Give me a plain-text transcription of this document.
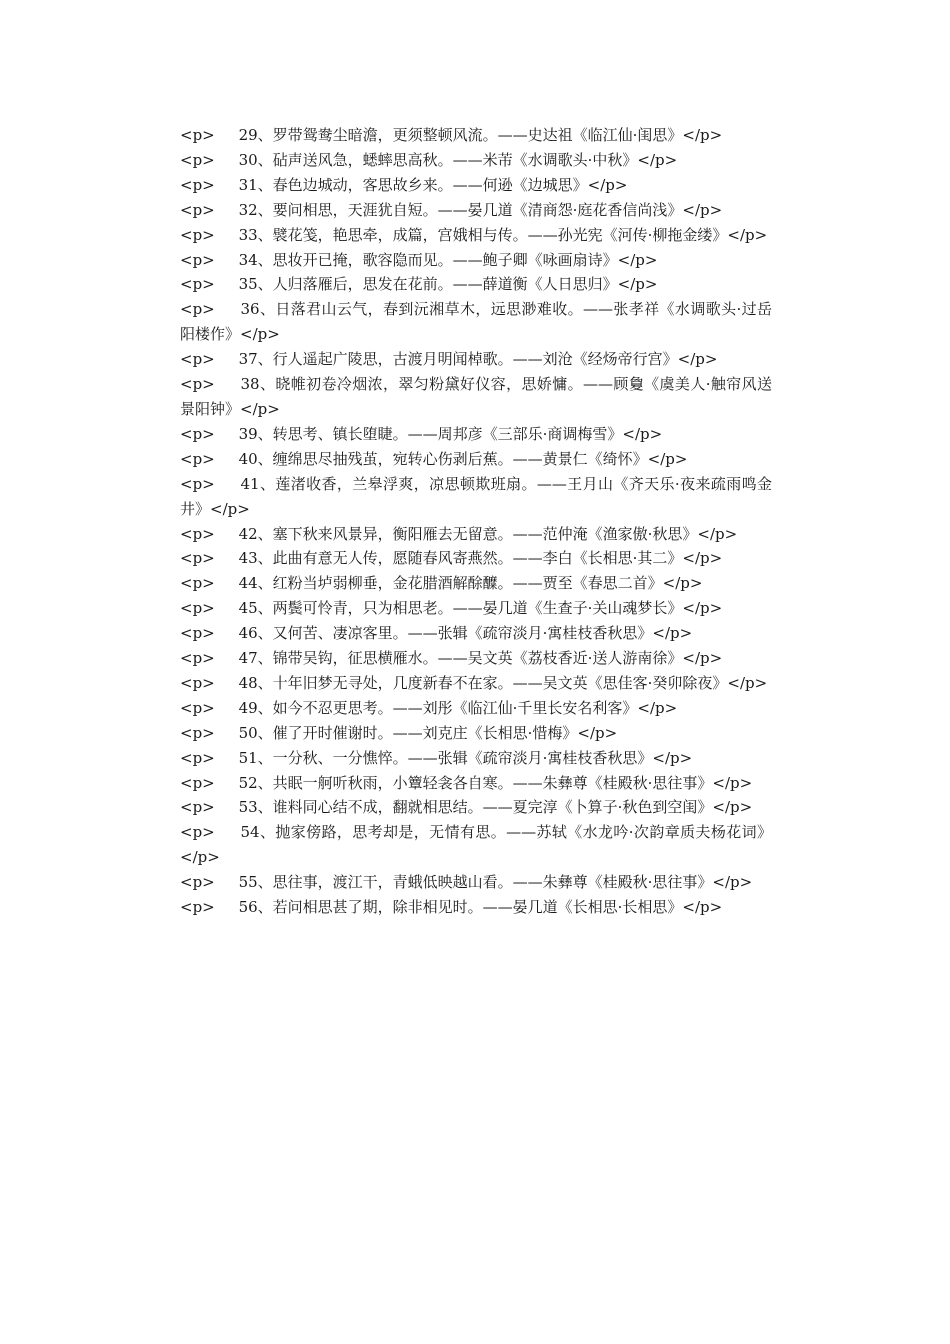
<p>     29、罗带鸳鸯尘暗澹，更须整顿风流。——史达祖《临江仙·闺思》</p>
<p>     30、砧声送风急，蟋蟀思高秋。——米芾《水调歌头·中秋》</p>
<p>     31、春色边城动，客思故乡来。——何逊《边城思》</p>
<p>     32、要问相思，天涯犹自短。——晏几道《清商怨·庭花香信尚浅》</p>
<p>     33、襞花笺，艳思牵，成篇，宫娥相与传。——孙光宪《河传·柳拖金缕》</p>
<p>     34、思妆开已掩，歌容隐而见。——鲍子卿《咏画扇诗》</p>
<p>     35、人归落雁后，思发在花前。——薛道衡《人日思归》</p>
<p>     36、日落君山云气，春到沅湘草木，远思渺难收。——张孝祥《水调歌头·过岳阳楼作》</p>
<p>     37、行人遥起广陵思，古渡月明闻棹歌。——刘沧《经炀帝行宫》</p>
<p>     38、晓帷初卷冷烟浓，翠匀粉黛好仪容，思娇慵。——顾敻《虞美人·触帘风送景阳钟》</p>
<p>     39、转思考、镇长堕睫。——周邦彦《三部乐·商调梅雪》</p>
<p>     40、缠绵思尽抽残茧，宛转心伤剥后蕉。——黄景仁《绮怀》</p>
<p>     41、莲渚收香，兰皋浮爽，凉思顿欺班扇。——王月山《齐天乐·夜来疏雨鸣金井》</p>
<p>     42、塞下秋来风景异，衡阳雁去无留意。——范仲淹《渔家傲·秋思》</p>
<p>     43、此曲有意无人传，愿随春风寄燕然。——李白《长相思·其二》</p>
<p>     44、红粉当垆弱柳垂，金花腊酒解酴醾。——贾至《春思二首》</p>
<p>     45、两鬓可怜青，只为相思老。——晏几道《生查子·关山魂梦长》</p>
<p>     46、又何苦、凄凉客里。——张辑《疏帘淡月·寓桂枝香秋思》</p>
<p>     47、锦带吴钩，征思横雁水。——吴文英《荔枝香近·送人游南徐》</p>
<p>     48、十年旧梦无寻处，几度新春不在家。——吴文英《思佳客·癸卯除夜》</p>
<p>     49、如今不忍更思考。——刘彤《临江仙·千里长安名利客》</p>
<p>     50、催了开时催谢时。——刘克庄《长相思·惜梅》</p>
<p>     51、一分秋、一分憔悴。——张辑《疏帘淡月·寓桂枝香秋思》</p>
<p>     52、共眠一舸听秋雨，小簟轻衾各自寒。——朱彝尊《桂殿秋·思往事》</p>
<p>     53、谁料同心结不成，翻就相思结。——夏完淳《卜算子·秋色到空闺》</p>
<p>     54、抛家傍路，思考却是，无情有思。——苏轼《水龙吟·次韵章质夫杨花词》</p>
<p>     55、思往事，渡江干，青蛾低映越山看。——朱彝尊《桂殿秋·思往事》</p>
<p>     56、若问相思甚了期，除非相见时。——晏几道《长相思·长相思》</p>
